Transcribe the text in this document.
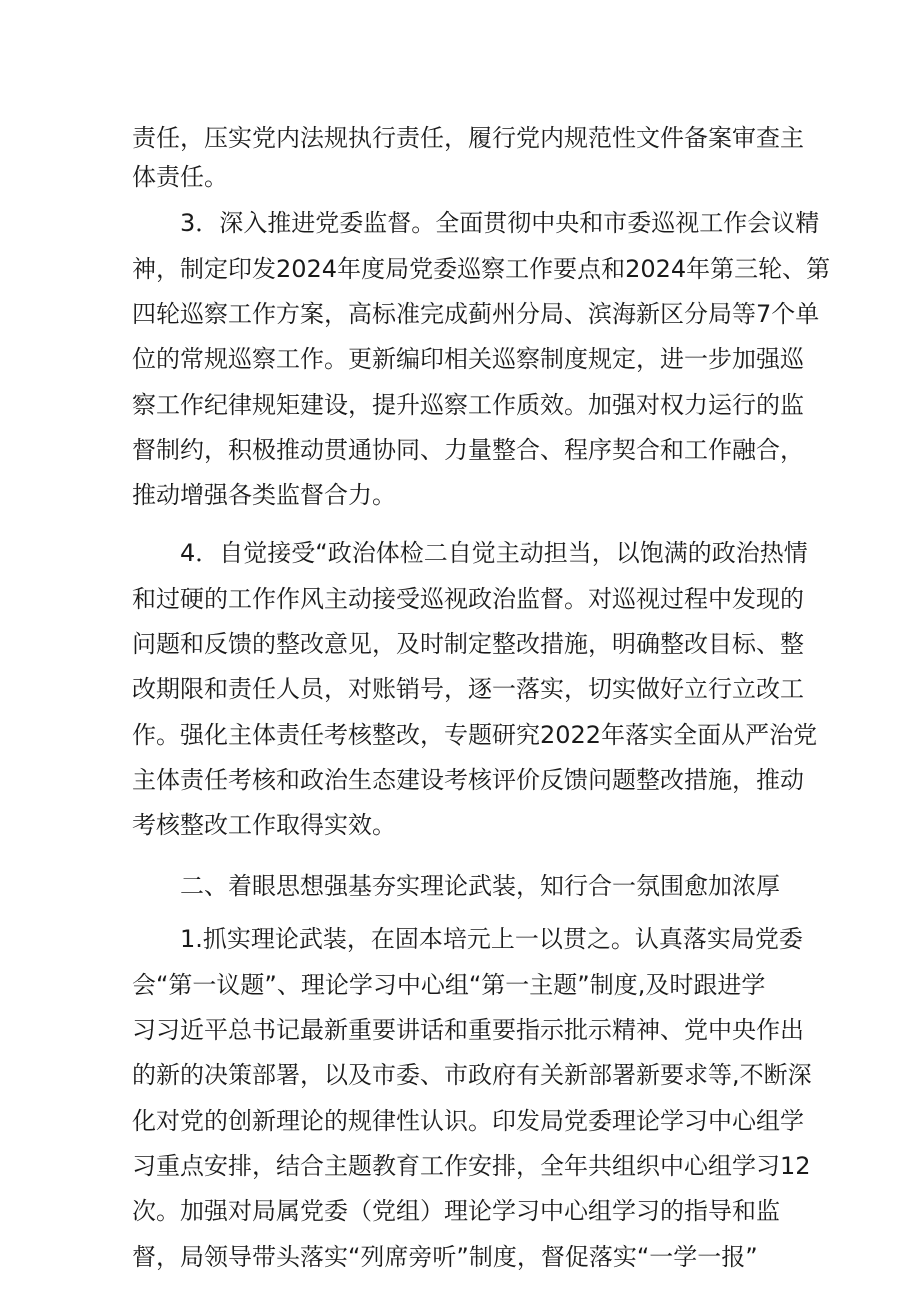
责任，压实党内法规执行责任，履行党内规范性文件备案审查主
体责任。
3．深入推进党委监督。全面贯彻中央和市委巡视工作会议精
神，制定印发2024年度局党委巡察工作要点和2024年第三轮、第
四轮巡察工作方案，高标准完成蓟州分局、滨海新区分局等7个单
位的常规巡察工作。更新编印相关巡察制度规定，进一步加强巡
察工作纪律规矩建设，提升巡察工作质效。加强对权力运行的监
督制约，积极推动贯通协同、力量整合、程序契合和工作融合，
推动增强各类监督合力。
4．自觉接受“政治体检二自觉主动担当，以饱满的政治热情
和过硬的工作作风主动接受巡视政治监督。对巡视过程中发现的
问题和反馈的整改意见，及时制定整改措施，明确整改目标、整
改期限和责任人员，对账销号，逐一落实，切实做好立行立改工
作。强化主体责任考核整改，专题研究2022年落实全面从严治党
主体责任考核和政治生态建设考核评价反馈问题整改措施，推动
考核整改工作取得实效。
二、着眼思想强基夯实理论武装，知行合一氛围愈加浓厚
1.抓实理论武装，在固本培元上一以贯之。认真落实局党委
会“第一议题”、理论学习中心组“第一主题”制度,及时跟进学
习习近平总书记最新重要讲话和重要指示批示精神、党中央作出
的新的决策部署，以及市委、市政府有关新部署新要求等,不断深
化对党的创新理论的规律性认识。印发局党委理论学习中心组学
习重点安排，结合主题教育工作安排，全年共组织中心组学习12
次。加强对局属党委（党组）理论学习中心组学习的指导和监
督，局领导带头落实“列席旁听”制度，督促落实“一学一报”
